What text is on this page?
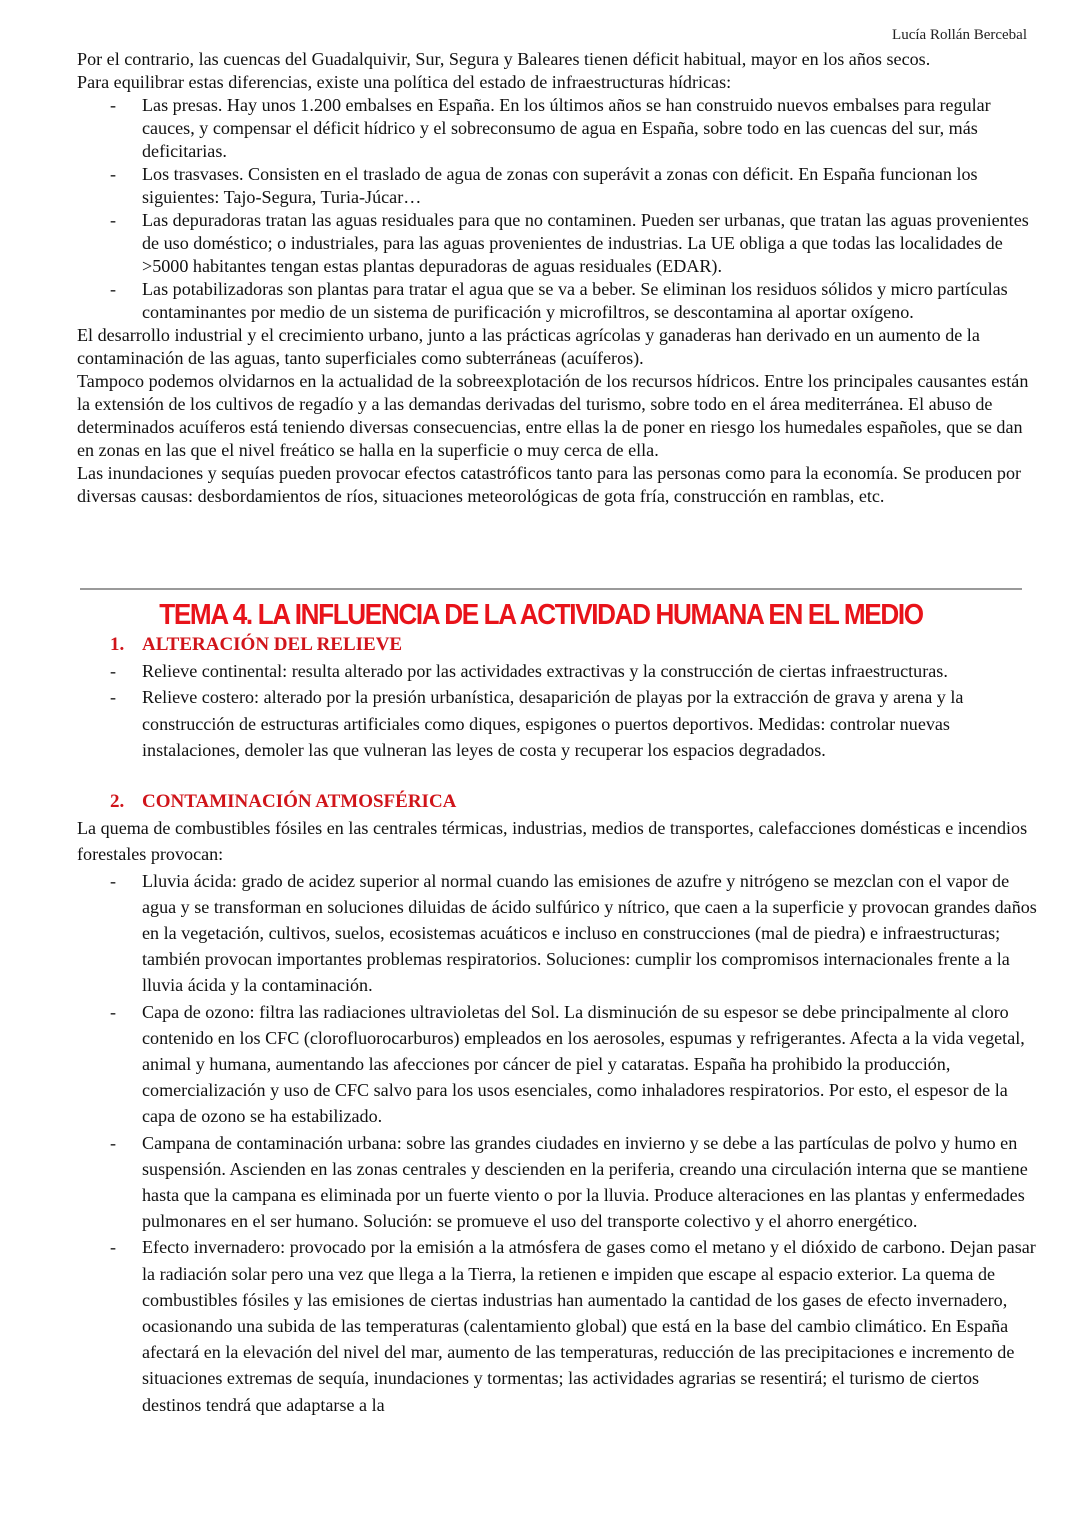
Lucía Rollán Bercebal

Por el contrario, las cuencas del Guadalquivir, Sur, Segura y Baleares tienen déficit habitual, mayor en los años secos.

Para equilibrar estas diferencias, existe una política del estado de infraestructuras hídricas:

- Las presas. Hay unos 1.200 embalses en España. En los últimos años se han construido nuevos embalses para regular cauces, y compensar el déficit hídrico y el sobreconsumo de agua en España, sobre todo en las cuencas del sur, más deficitarias.
- Los trasvases. Consisten en el traslado de agua de zonas con superávit a zonas con déficit. En España funcionan los siguientes: Tajo-Segura, Turia-Júcar…
- Las depuradoras tratan las aguas residuales para que no contaminen. Pueden ser urbanas, que tratan las aguas provenientes de uso doméstico; o industriales, para las aguas provenientes de industrias. La UE obliga a que todas las localidades de >5000 habitantes tengan estas plantas depuradoras de aguas residuales (EDAR).
- Las potabilizadoras son plantas para tratar el agua que se va a beber. Se eliminan los residuos sólidos y micro partículas contaminantes por medio de un sistema de purificación y microfiltros, se descontamina al aportar oxígeno.

El desarrollo industrial y el crecimiento urbano, junto a las prácticas agrícolas y ganaderas han derivado en un aumento de la contaminación de las aguas, tanto superficiales como subterráneas (acuíferos).

Tampoco podemos olvidarnos en la actualidad de la sobreexplotación de los recursos hídricos. Entre los principales causantes están la extensión de los cultivos de regadío y a las demandas derivadas del turismo, sobre todo en el área mediterránea. El abuso de determinados acuíferos está teniendo diversas consecuencias, entre ellas la de poner en riesgo los humedales españoles, que se dan en zonas en las que el nivel freático se halla en la superficie o muy cerca de ella.

Las inundaciones y sequías pueden provocar efectos catastróficos tanto para las personas como para la economía. Se producen por diversas causas: desbordamientos de ríos, situaciones meteorológicas de gota fría, construcción en ramblas, etc.

TEMA 4. LA INFLUENCIA DE LA ACTIVIDAD HUMANA EN EL MEDIO

1. ALTERACIÓN DEL RELIEVE

- Relieve continental: resulta alterado por las actividades extractivas y la construcción de ciertas infraestructuras.
- Relieve costero: alterado por la presión urbanística, desaparición de playas por la extracción de grava y arena y la construcción de estructuras artificiales como diques, espigones o puertos deportivos. Medidas: controlar nuevas instalaciones, demoler las que vulneran las leyes de costa y recuperar los espacios degradados.

2. CONTAMINACIÓN ATMOSFÉRICA

La quema de combustibles fósiles en las centrales térmicas, industrias, medios de transportes, calefacciones domésticas e incendios forestales provocan:

- Lluvia ácida: grado de acidez superior al normal cuando las emisiones de azufre y nitrógeno se mezclan con el vapor de agua y se transforman en soluciones diluidas de ácido sulfúrico y nítrico, que caen a la superficie y provocan grandes daños en la vegetación, cultivos, suelos, ecosistemas acuáticos e incluso en construcciones (mal de piedra) e infraestructuras; también provocan importantes problemas respiratorios. Soluciones: cumplir los compromisos internacionales frente a la lluvia ácida y la contaminación.
- Capa de ozono: filtra las radiaciones ultravioletas del Sol. La disminución de su espesor se debe principalmente al cloro contenido en los CFC (clorofluorocarburos) empleados en los aerosoles, espumas y refrigerantes. Afecta a la vida vegetal, animal y humana, aumentando las afecciones por cáncer de piel y cataratas. España ha prohibido la producción, comercialización y uso de CFC salvo para los usos esenciales, como inhaladores respiratorios. Por esto, el espesor de la capa de ozono se ha estabilizado.
- Campana de contaminación urbana: sobre las grandes ciudades en invierno y se debe a las partículas de polvo y humo en suspensión. Ascienden en las zonas centrales y descienden en la periferia, creando una circulación interna que se mantiene hasta que la campana es eliminada por un fuerte viento o por la lluvia. Produce alteraciones en las plantas y enfermedades pulmonares en el ser humano. Solución: se promueve el uso del transporte colectivo y el ahorro energético.
- Efecto invernadero: provocado por la emisión a la atmósfera de gases como el metano y el dióxido de carbono. Dejan pasar la radiación solar pero una vez que llega a la Tierra, la retienen e impiden que escape al espacio exterior. La quema de combustibles fósiles y las emisiones de ciertas industrias han aumentado la cantidad de los gases de efecto invernadero, ocasionando una subida de las temperaturas (calentamiento global) que está en la base del cambio climático. En España afectará en la elevación del nivel del mar, aumento de las temperaturas, reducción de las precipitaciones e incremento de situaciones extremas de sequía, inundaciones y tormentas; las actividades agrarias se resentirá; el turismo de ciertos destinos tendrá que adaptarse a la
